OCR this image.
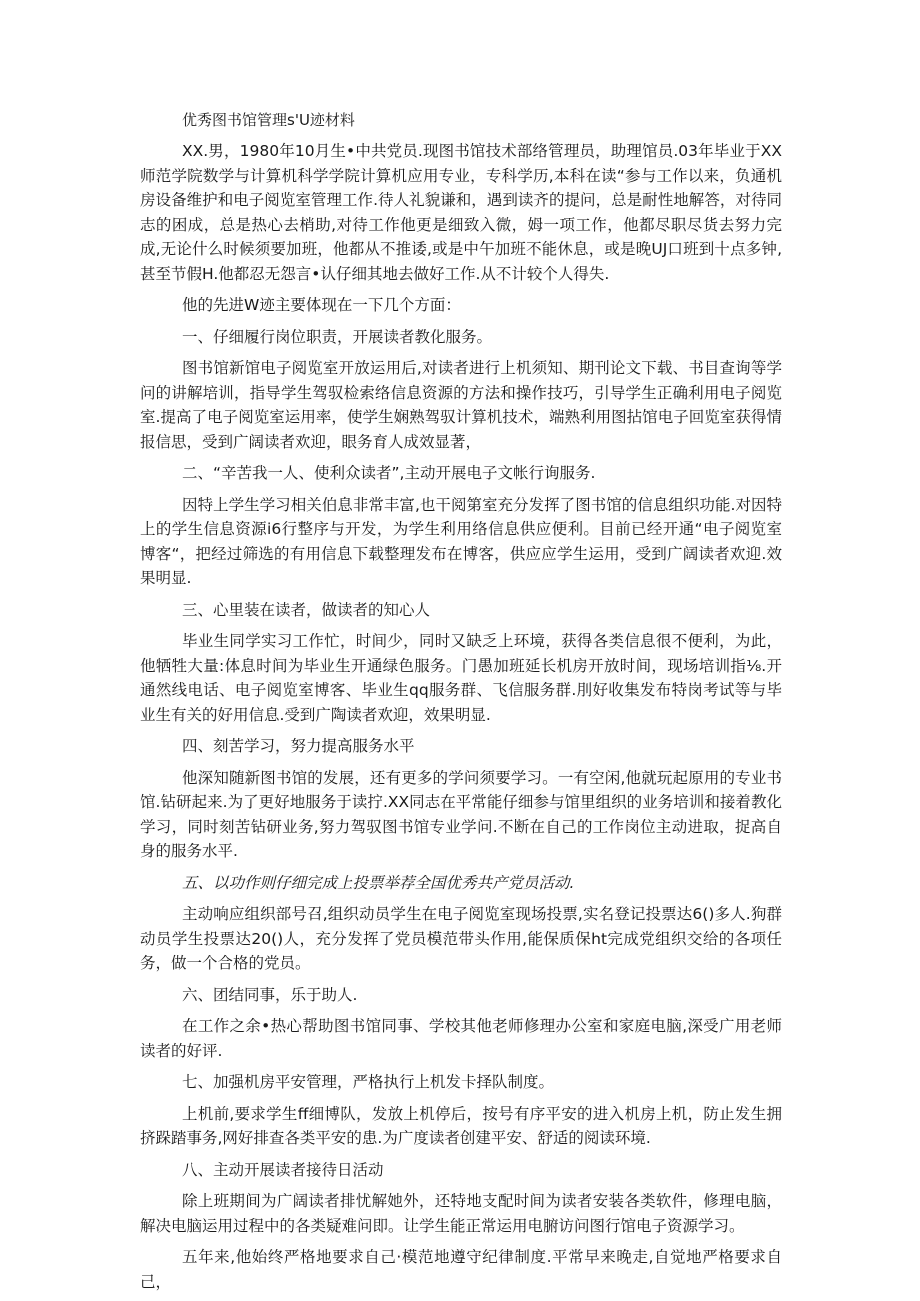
优秀图书馆管理s'U迹材料
XX.男，1980年10月生•中共党员.现图书馆技术部络管理员，助理馆员.03年毕业于XX师范学院数学与计算机科学学院计算机应用专业，专科学历,本科在读“参与工作以来，负通机房设备维护和电子阅览室管理工作.待人礼貌谦和，遇到读齐的提问，总是耐性地解答，对待同志的困成，总是热心去梢助,对待工作他更是细致入微，姆一项工作，他都尽职尽货去努力完成,无论什么时候须要加班，他都从不推诿,或是中午加班不能休息，或是晚UJ口班到十点多钟,甚至节假H.他都忍无怨言•认仔细其地去做好工作.从不计较个人得失.
他的先进W迹主要体现在一下几个方面：
一、仔细履行岗位职责，开展读者教化服务。
图书馆新馆电子阅览室开放运用后,对读者进行上机须知、期刊论文下载、书目查询等学问的讲解培训，指导学生驾驭检索络信息资源的方法和操作技巧，引导学生正确利用电子阅览室.提高了电子阅览室运用率，使学生娴熟驾驭计算机技术，端熟利用图拈馆电子回览室获得情报信思，受到广阔读者欢迎，眼务育人成效显著，
二、“辛苦我一人、使利众读者”,主动开展电子文帐行询服务.
因特上学生学习相关伯息非常丰富,也干阅第室充分发挥了图书馆的信息组织功能.对因特上的学生信息资源i6行整序与开发，为学生利用络信息供应便利。目前已经开通“电子阅览室博客“，把经过筛选的有用信息下载整理发布在博客，供应应学生运用，受到广阔读者欢迎.效果明显.
三、心里装在读者，做读者的知心人
毕业生同学实习工作忙，时间少，同时又缺乏上环境，获得各类信息很不便利，为此，他牺牲大量:体息时间为毕业生开通绿色服务。门愚加班延长机房开放时间，现场培训指⅛.开通然线电话、电子阅览室博客、毕业生qq服务群、飞信服务群.刖好收集发布特岗考试等与毕业生有关的好用信息.受到广陶读者欢迎，效果明显.
四、刻苦学习，努力提高服务水平
他深知随新图书馆的发展，还有更多的学问须要学习。一有空闲,他就玩起原用的专业书馆.钻研起来.为了更好地服务于读拧.XX同志在平常能仔细参与馆里组织的业务培训和接着教化学习，同时刻苦钻研业务,努力驾驭图书馆专业学问.不断在自己的工作岗位主动进取，捉高自身的服务水平.
五、以功作则仔细完成上投票举荐全国优秀共产党员活动.
主动响应组织部号召,组织动员学生在电子阅览室现场投票,实名登记投票达6()多人.狗群动员学生投票达20()人，充分发挥了党员模范带头作用,能保质保ht完成党组织交给的各项任务，做一个合格的党员。
六、团结同事，乐于助人.
在工作之余•热心帮助图书馆同事、学校其他老师修理办公室和家庭电脑,深受广用老师读者的好评.
七、加强机房平安管理，严格执行上机发卡择队制度。
上机前,要求学生ff细博队，发放上机停后，按号有序平安的进入机房上机，防止发生拥挤跺踏事务,网好排查各类平安的患.为广度读者创建平安、舒适的阅读环境.
八、主动开展读者接待日活动
除上班期间为广阔读者排忧解她外，还特地支配时间为读者安装各类软件，修理电脑，解决电脑运用过程中的各类疑难问即。让学生能正常运用电腑访问图行馆电子资源学习。
五年来,他始终严格地要求自己·模范地遵守纪律制度.平常早来晚走,自觉地严格要求自己，
